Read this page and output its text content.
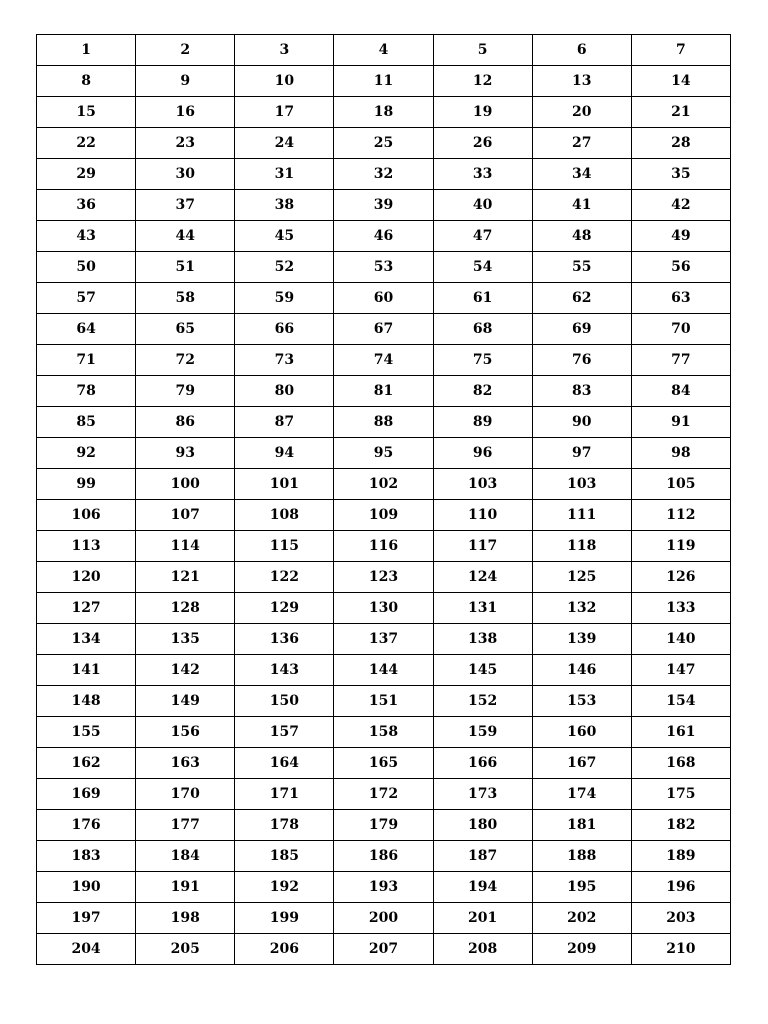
1	2	3	4	5	6	7
8	9	10	11	12	13	14
15	16	17	18	19	20	21
22	23	24	25	26	27	28
29	30	31	32	33	34	35
36	37	38	39	40	41	42
43	44	45	46	47	48	49
50	51	52	53	54	55	56
57	58	59	60	61	62	63
64	65	66	67	68	69	70
71	72	73	74	75	76	77
78	79	80	81	82	83	84
85	86	87	88	89	90	91
92	93	94	95	96	97	98
99	100	101	102	103	103	105
106	107	108	109	110	111	112
113	114	115	116	117	118	119
120	121	122	123	124	125	126
127	128	129	130	131	132	133
134	135	136	137	138	139	140
141	142	143	144	145	146	147
148	149	150	151	152	153	154
155	156	157	158	159	160	161
162	163	164	165	166	167	168
169	170	171	172	173	174	175
176	177	178	179	180	181	182
183	184	185	186	187	188	189
190	191	192	193	194	195	196
197	198	199	200	201	202	203
204	205	206	207	208	209	210
